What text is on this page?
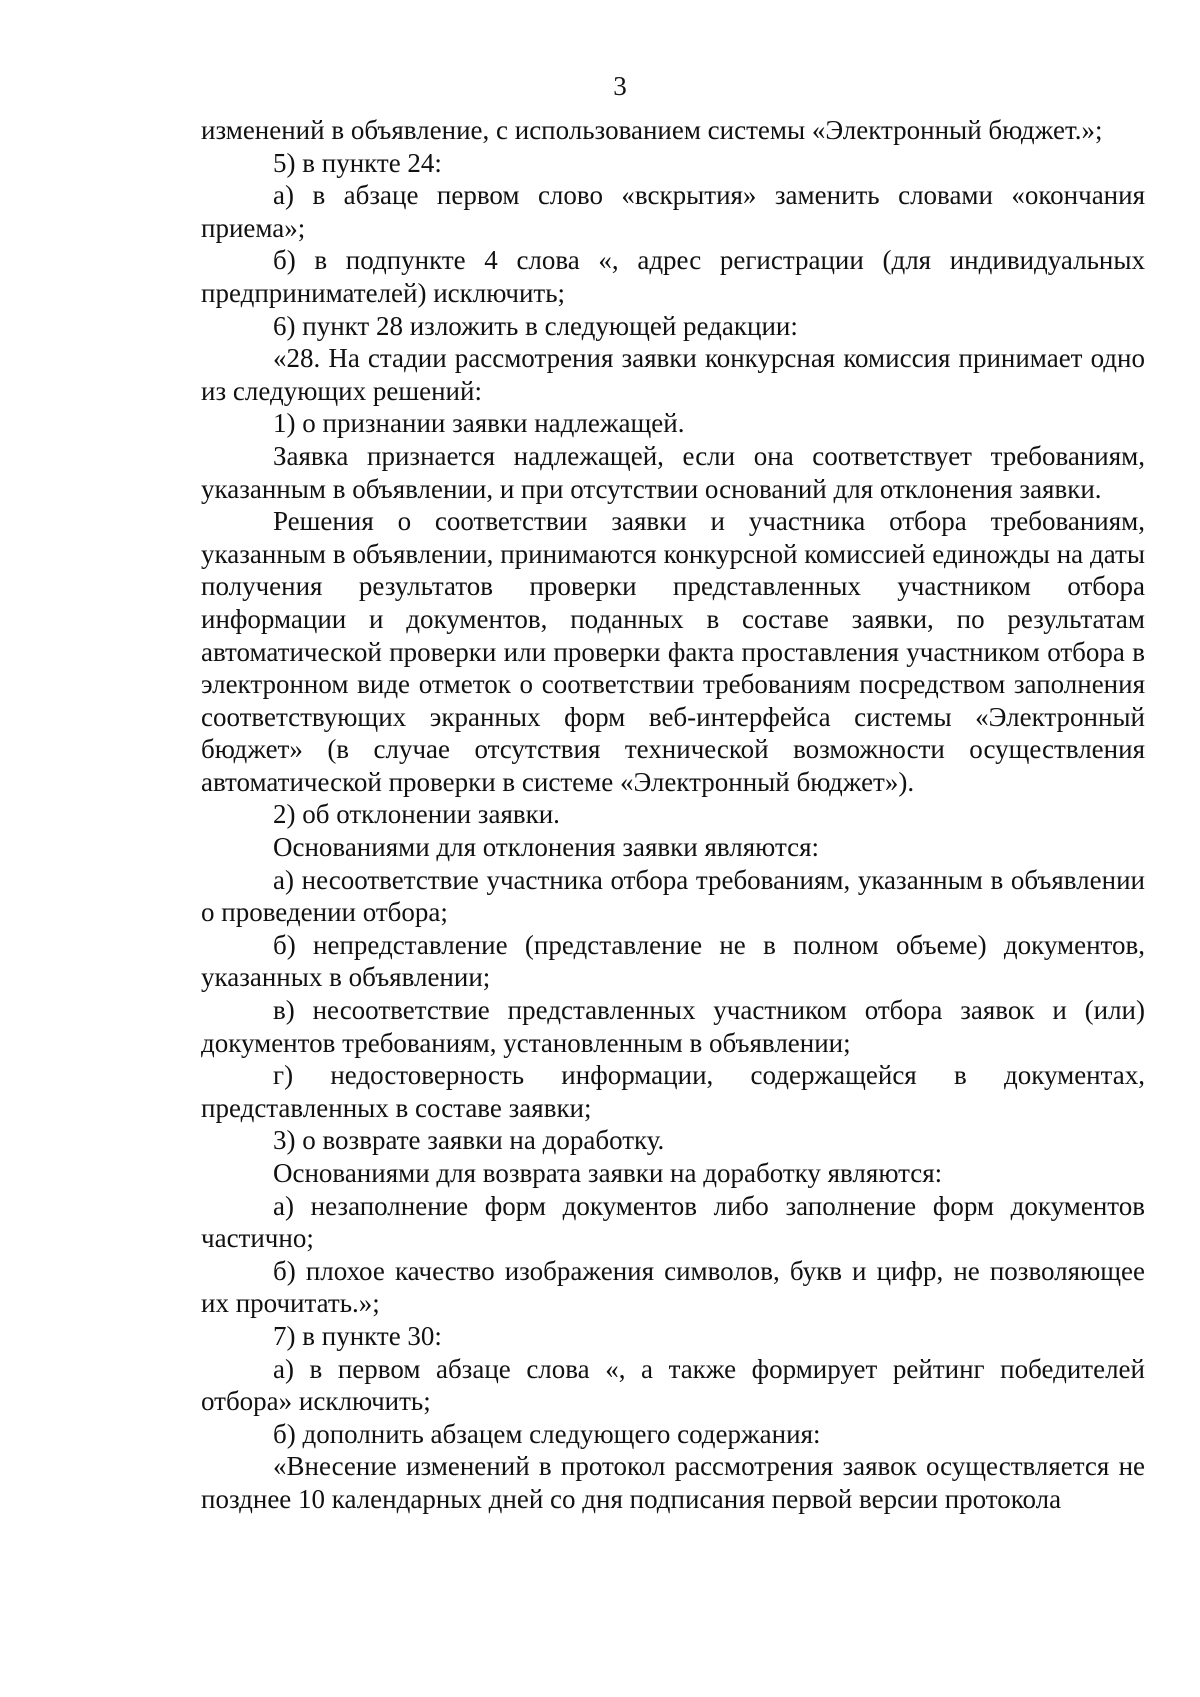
3

изменений в объявление, с использованием системы «Электронный бюджет.»;

5) в пункте 24:

а) в абзаце первом слово «вскрытия» заменить словами «окончания приема»;

б) в подпункте 4 слова «, адрес регистрации (для индивидуальных предпринимателей) исключить;

6) пункт 28 изложить в следующей редакции:

«28. На стадии рассмотрения заявки конкурсная комиссия принимает одно из следующих решений:

1) о признании заявки надлежащей.

Заявка признается надлежащей, если она соответствует требованиям, указанным в объявлении, и при отсутствии оснований для отклонения заявки.

Решения о соответствии заявки и участника отбора требованиям, указанным в объявлении, принимаются конкурсной комиссией единожды на даты получения результатов проверки представленных участником отбора информации и документов, поданных в составе заявки, по результатам автоматической проверки или проверки факта проставления участником отбора в электронном виде отметок о соответствии требованиям посредством заполнения соответствующих экранных форм веб-интерфейса системы «Электронный бюджет» (в случае отсутствия технической возможности осуществления автоматической проверки в системе «Электронный бюджет»).

2) об отклонении заявки.

Основаниями для отклонения заявки являются:

а) несоответствие участника отбора требованиям, указанным в объявлении о проведении отбора;

б) непредставление (представление не в полном объеме) документов, указанных в объявлении;

в) несоответствие представленных участником отбора заявок и (или) документов требованиям, установленным в объявлении;

г) недостоверность информации, содержащейся в документах, представленных в составе заявки;

3) о возврате заявки на доработку.

Основаниями для возврата заявки на доработку являются:

а) незаполнение форм документов либо заполнение форм документов частично;

б) плохое качество изображения символов, букв и цифр, не позволяющее их прочитать.»;

7) в пункте 30:

а) в первом абзаце слова «, а также формирует рейтинг победителей отбора» исключить;

б) дополнить абзацем следующего содержания:

«Внесение изменений в протокол рассмотрения заявок осуществляется не позднее 10 календарных дней со дня подписания первой версии протокола
